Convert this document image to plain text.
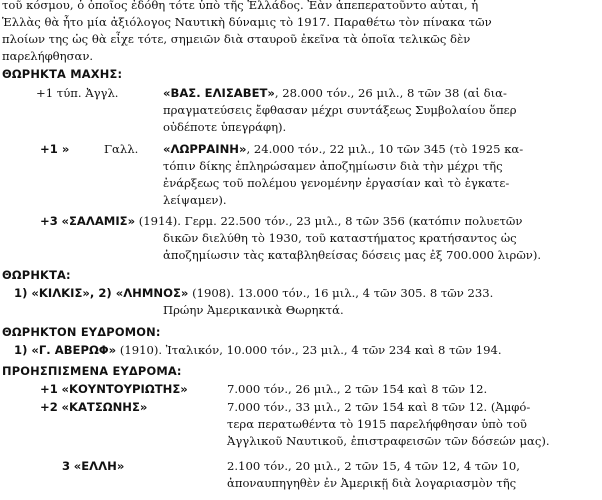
τοῦ κόσμου, ὁ ὁποῖος ἐδόθη τότε ὑπὸ τῆς Ἑλλάδος. Ἐὰν ἀπεπερατοῦντο αὐται, ἡ
Ἑλλὰς θὰ ἦτο μία ἀξιόλογος Ναυτικὴ δύναμις τὸ 1917. Παραθέτω τὸν πίνακα τῶν
πλοίων της ὡς θὰ εἶχε τότε, σημειῶν διὰ σταυροῦ ἐκεῖνα τὰ ὁποῖα τελικῶς δὲν
παρελήφθησαν.
ΘΩΡΗΚΤΑ ΜΑΧΗΣ:
+1 τύπ. Ἀγγλ.	«ΒΑΣ. ΕΛΙΣΑΒΕΤ», 28.000 τόν., 26 μιλ., 8 τῶν 38 (αἱ δια-
πραγματεύσεις ἔφθασαν μέχρι συντάξεως Συμβολαίου ὅπερ
οὐδέποτε ὑπεγράφη).
+1 »	Γαλλ. «ΛΩΡΡΑΙΝΗ», 24.000 τόν., 22 μιλ., 10 τῶν 345 (τὸ 1925 κα-
τόπιν δίκης ἐπληρώσαμεν ἀποζημίωσιν διὰ τὴν μέχρι τῆς
ἐνάρξεως τοῦ πολέμου γενομένην ἐργασίαν καὶ τὸ ἐγκατε-
λείψαμεν).
+3 «ΣΑΛΑΜΙΣ» (1914). Γερμ. 22.500 τόν., 23 μιλ., 8 τῶν 356 (κατόπιν πολυετῶν
δικῶν διελύθη τὸ 1930, τοῦ καταστήματος κρατήσαντος ὡς
ἀποζημίωσιν τὰς καταβληθείσας δόσεις μας ἐξ 700.000 λιρῶν).
ΘΩΡΗΚΤΑ:
1) «ΚΙΛΚΙΣ», 2) «ΛΗΜΝΟΣ» (1908). 13.000 τόν., 16 μιλ., 4 τῶν 305. 8 τῶν 233.
Πρώην Ἀμερικανικὰ Θωρηκτά.
ΘΩΡΗΚΤΟΝ ΕΥΔΡΟΜΟΝ:
1) «Γ. ΑΒΕΡΩΦ» (1910). Ἰταλικόν, 10.000 τόν., 23 μιλ., 4 τῶν 234 καὶ 8 τῶν 194.
ΠΡΟΗΣΠΙΣΜΕΝΑ ΕΥΔΡΟΜΑ:
+1 «ΚΟΥΝΤΟΥΡΙΩΤΗΣ»	7.000 τόν., 26 μιλ., 2 τῶν 154 καὶ 8 τῶν 12.
+2 «ΚΑΤΣΩΝΗΣ»	7.000 τόν., 33 μιλ., 2 τῶν 154 καὶ 8 τῶν 12. (Ἀμφό-
τερα περατωθέντα τὸ 1915 παρελήφθησαν ὑπὸ τοῦ
Ἀγγλικοῦ Ναυτικοῦ, ἐπιστραφεισῶν τῶν δόσεών μας).
3 «ΕΛΛΗ»	2.100 τόν., 20 μιλ., 2 τῶν 15, 4 τῶν 12, 4 τῶν 10,
ἀποναυπηγηθὲν ἐν Ἀμερικῇ διὰ λογαριασμὸν τῆς
